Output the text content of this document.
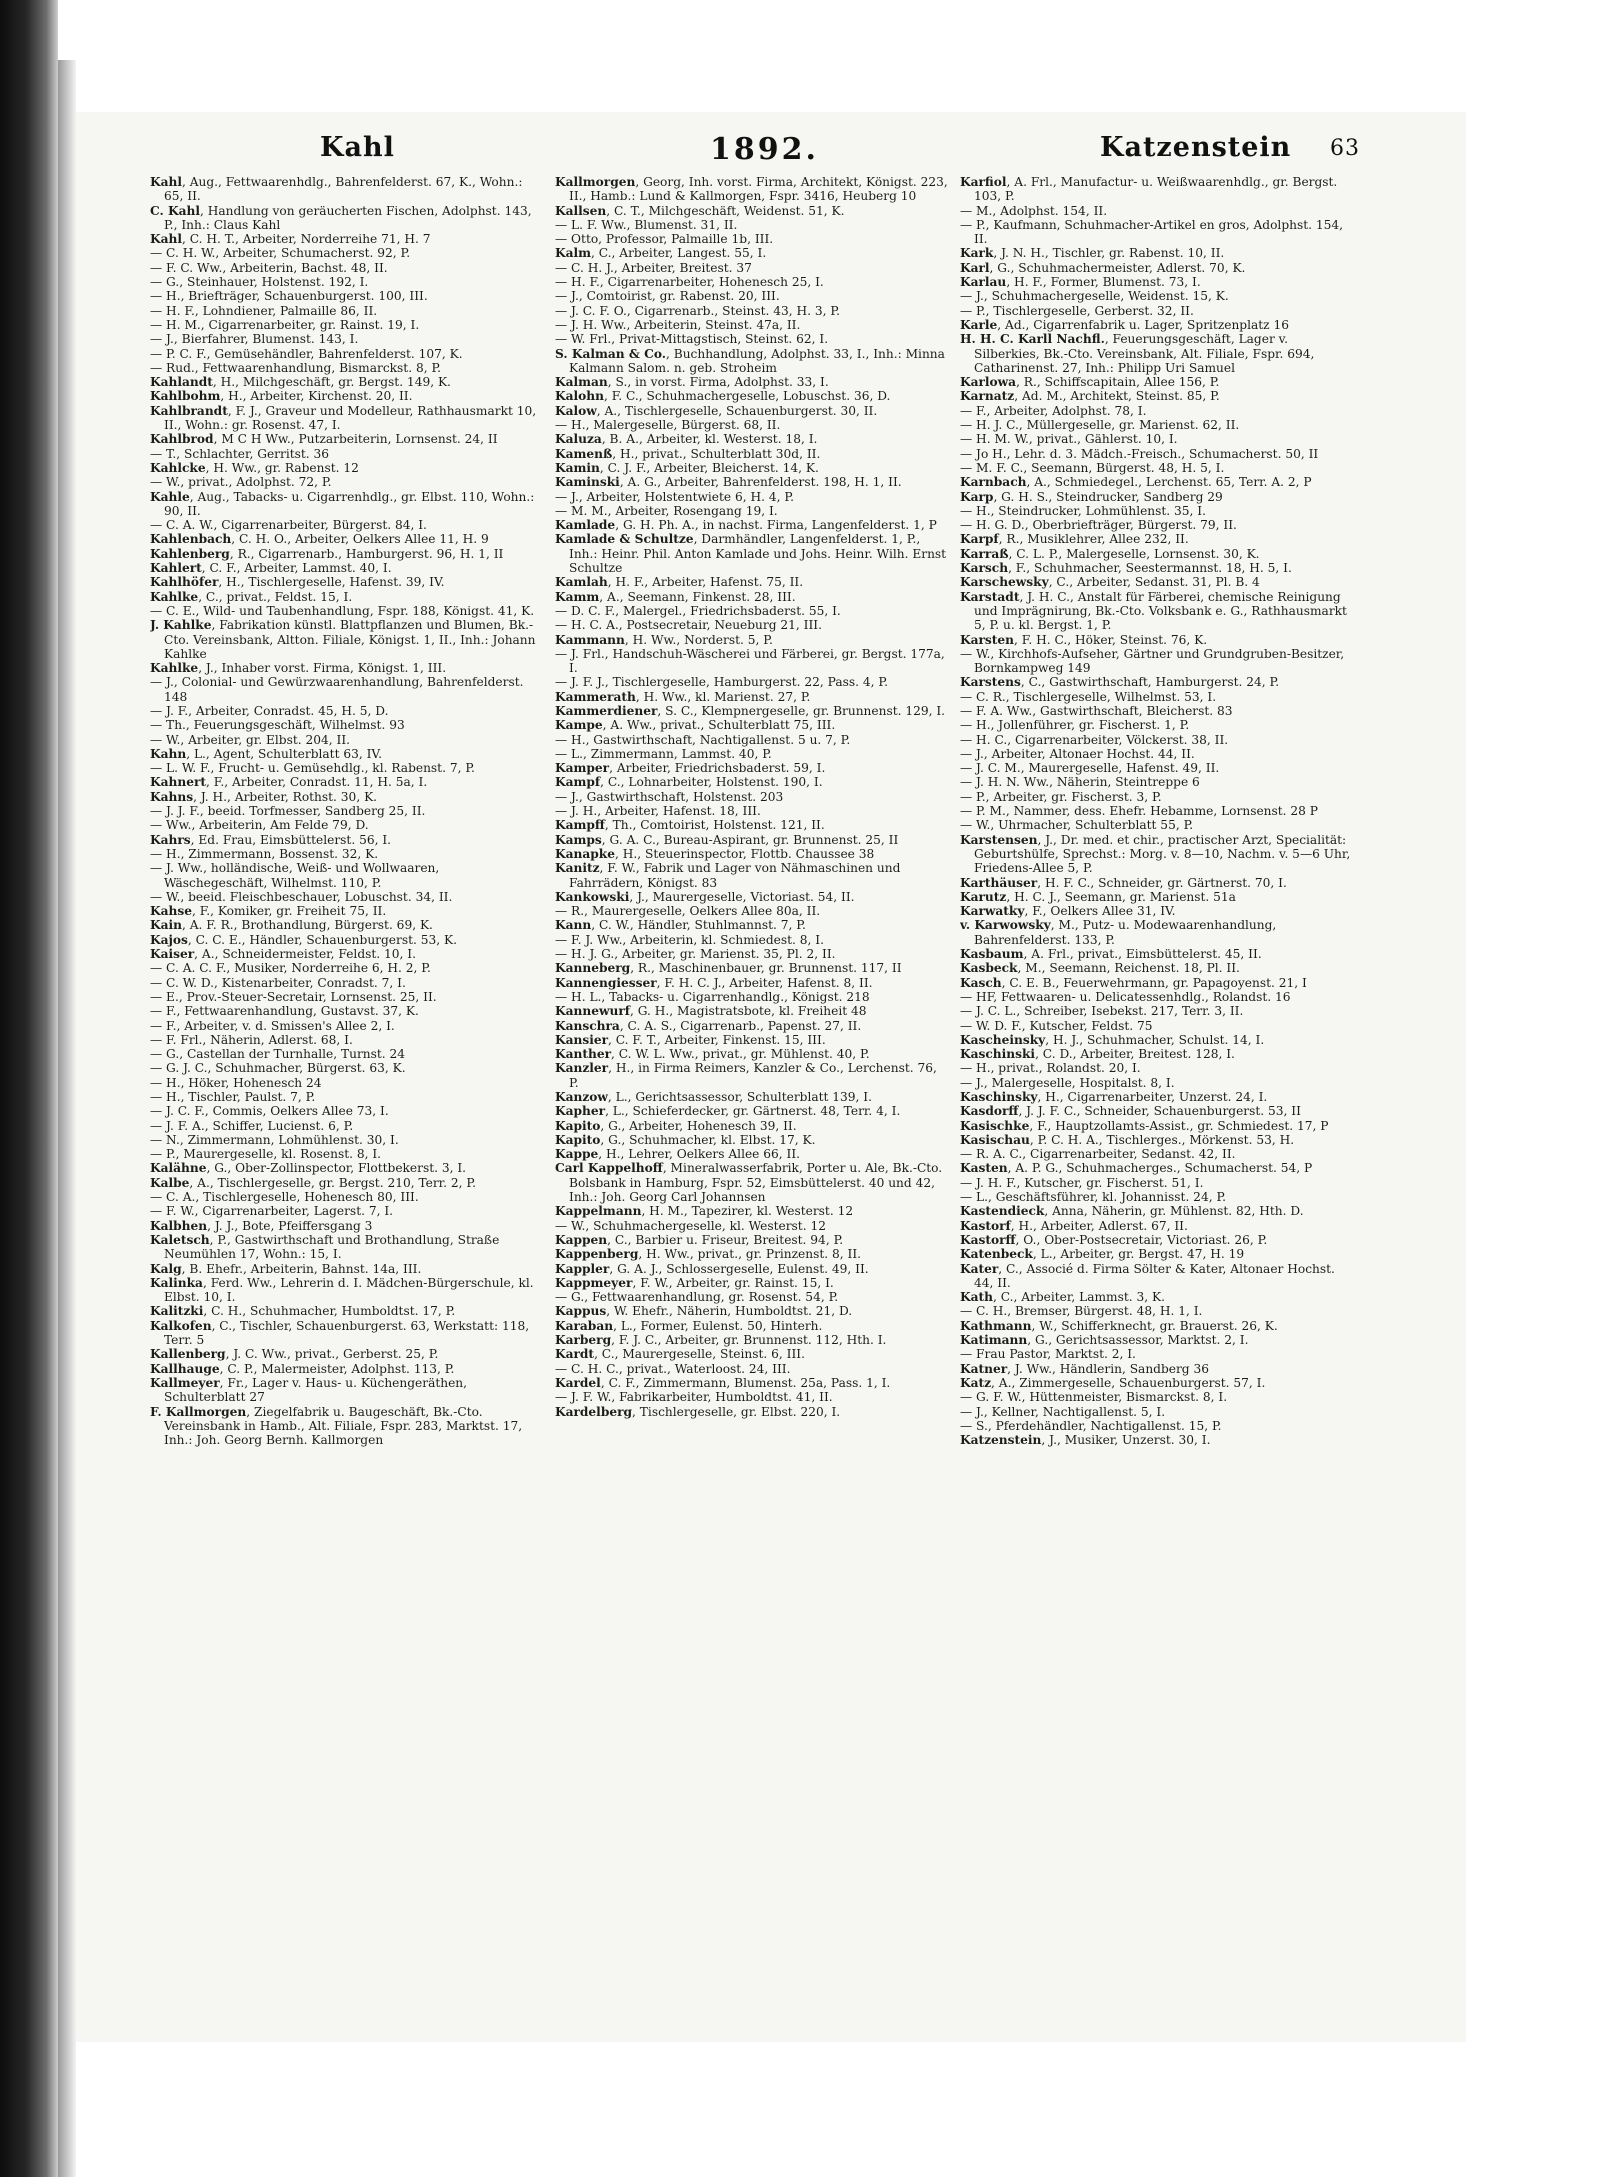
Kahl	1892.	Katzenstein 63
Kahl, Aug., Fettwaarenhdlg., Bahrenfelderst. 67, K., Wohn.: 65, II.
C. Kahl, Handlung von geräucherten Fischen, Adolphst. 143, P., Inh.: Claus Kahl
Kahl, C. H. T., Arbeiter, Norderreihe 71, H. 7
— C. H. W., Arbeiter, Schumacherst. 92, P.
— F. C. Ww., Arbeiterin, Bachst. 48, II.
— G., Steinhauer, Holstenst. 192, I.
— H., Briefträger, Schauenburgerst. 100, III.
— H. F., Lohndiener, Palmaille 86, II.
— H. M., Cigarrenarbeiter, gr. Rainst. 19, I.
— J., Bierfahrer, Blumenst. 143, I.
— P. C. F., Gemüsehändler, Bahrenfelderst. 107, K.
— Rud., Fettwaarenhandlung, Bismarckst. 8, P.
Kahlandt, H., Milchgeschäft, gr. Bergst. 149, K.
Kahlbohm, H., Arbeiter, Kirchenst. 20, II.
Kahlbrandt, F. J., Graveur und Modelleur, Rathhausmarkt 10, II., Wohn.: gr. Rosenst. 47, I.
Kahlbrod, M C H Ww., Putzarbeiterin, Lornsenst. 24, II
— T., Schlachter, Gerritst. 36
Kahlcke, H. Ww., gr. Rabenst. 12
— W., privat., Adolphst. 72, P.
Kahle, Aug., Tabacks- u. Cigarrenhdlg., gr. Elbst. 110, Wohn.: 90, II.
— C. A. W., Cigarrenarbeiter, Bürgerst. 84, I.
Kahlenbach, C. H. O., Arbeiter, Oelkers Allee 11, H. 9
Kahlenberg, R., Cigarrenarb., Hamburgerst. 96, H. 1, II
Kahlert, C. F., Arbeiter, Lammst. 40, I.
Kahlhöfer, H., Tischlergeselle, Hafenst. 39, IV.
Kahlke, C., privat., Feldst. 15, I.
— C. E., Wild- und Taubenhandlung, Fspr. 188, Königst. 41, K.
J. Kahlke, Fabrikation künstl. Blattpflanzen und Blumen, Bk.-Cto. Vereinsbank, Altton. Filiale, Königst. 1, II., Inh.: Johann Kahlke
Kahlke, J., Inhaber vorst. Firma, Königst. 1, III.
— J., Colonial- und Gewürzwaarenhandlung, Bahrenfelderst. 148
— J. F., Arbeiter, Conradst. 45, H. 5, D.
— Th., Feuerungsgeschäft, Wilhelmst. 93
— W., Arbeiter, gr. Elbst. 204, II.
Kahn, L., Agent, Schulterblatt 63, IV.
— L. W. F., Frucht- u. Gemüsehdlg., kl. Rabenst. 7, P.
Kahnert, F., Arbeiter, Conradst. 11, H. 5a, I.
Kahns, J. H., Arbeiter, Rothst. 30, K.
— J. J. F., beeid. Torfmesser, Sandberg 25, II.
— Ww., Arbeiterin, Am Felde 79, D.
Kahrs, Ed. Frau, Eimsbüttelerst. 56, I.
— H., Zimmermann, Bossenst. 32, K.
— J. Ww., holländische, Weiß- und Wollwaaren, Wäschegeschäft, Wilhelmst. 110, P.
— W., beeid. Fleischbeschauer, Lobuschst. 34, II.
Kahse, F., Komiker, gr. Freiheit 75, II.
Kain, A. F. R., Brothandlung, Bürgerst. 69, K.
Kajos, C. C. E., Händler, Schauenburgerst. 53, K.
Kaiser, A., Schneidermeister, Feldst. 10, I.
— C. A. C. F., Musiker, Norderreihe 6, H. 2, P.
— C. W. D., Kistenarbeiter, Conradst. 7, I.
— E., Prov.-Steuer-Secretair, Lornsenst. 25, II.
— F., Fettwaarenhandlung, Gustavst. 37, K.
— F., Arbeiter, v. d. Smissen's Allee 2, I.
— F. Frl., Näherin, Adlerst. 68, I.
— G., Castellan der Turnhalle, Turnst. 24
— G. J. C., Schuhmacher, Bürgerst. 63, K.
— H., Höker, Hohenesch 24
— H., Tischler, Paulst. 7, P.
— J. C. F., Commis, Oelkers Allee 73, I.
— J. F. A., Schiffer, Lucienst. 6, P.
— N., Zimmermann, Lohmühlenst. 30, I.
— P., Maurergeselle, kl. Rosenst. 8, I.
Kalähne, G., Ober-Zollinspector, Flottbekerst. 3, I.
Kalbe, A., Tischlergeselle, gr. Bergst. 210, Terr. 2, P.
— C. A., Tischlergeselle, Hohenesch 80, III.
— F. W., Cigarrenarbeiter, Lagerst. 7, I.
Kalbhen, J. J., Bote, Pfeiffersgang 3
Kaletsch, P., Gastwirthschaft und Brothandlung, Straße Neumühlen 17, Wohn.: 15, I.
Kalg, B. Ehefr., Arbeiterin, Bahnst. 14a, III.
Kalinka, Ferd. Ww., Lehrerin d. I. Mädchen-Bürgerschule, kl. Elbst. 10, I.
Kalitzki, C. H., Schuhmacher, Humboldtst. 17, P.
Kalkofen, C., Tischler, Schauenburgerst. 63, Werkstatt: 118, Terr. 5
Kallenberg, J. C. Ww., privat., Gerberst. 25, P.
Kallhauge, C. P., Malermeister, Adolphst. 113, P.
Kallmeyer, Fr., Lager v. Haus- u. Küchengeräthen, Schulterblatt 27
F. Kallmorgen, Ziegelfabrik u. Baugeschäft, Bk.-Cto. Vereinsbank in Hamb., Alt. Filiale, Fspr. 283, Marktst. 17, Inh.: Joh. Georg Bernh. Kallmorgen
Kallmorgen, Georg, Inh. vorst. Firma, Architekt, Königst. 223, II., Hamb.: Lund & Kallmorgen, Fspr. 3416, Heuberg 10
Kallsen, C. T., Milchgeschäft, Weidenst. 51, K.
— L. F. Ww., Blumenst. 31, II.
— Otto, Professor, Palmaille 1b, III.
Kalm, C., Arbeiter, Langest. 55, I.
— C. H. J., Arbeiter, Breitest. 37
— H. F., Cigarrenarbeiter, Hohenesch 25, I.
— J., Comtoirist, gr. Rabenst. 20, III.
— J. C. F. O., Cigarrenarb., Steinst. 43, H. 3, P.
— J. H. Ww., Arbeiterin, Steinst. 47a, II.
— W. Frl., Privat-Mittagstisch, Steinst. 62, I.
S. Kalman & Co., Buchhandlung, Adolphst. 33, I., Inh.: Minna Kalmann Salom. n. geb. Stroheim
Kalman, S., in vorst. Firma, Adolphst. 33, I.
Kalohn, F. C., Schuhmachergeselle, Lobuschst. 36, D.
Kalow, A., Tischlergeselle, Schauenburgerst. 30, II.
— H., Malergeselle, Bürgerst. 68, II.
Kaluza, B. A., Arbeiter, kl. Westerst. 18, I.
Kamenß, H., privat., Schulterblatt 30d, II.
Kamin, C. J. F., Arbeiter, Bleicherst. 14, K.
Kaminski, A. G., Arbeiter, Bahrenfelderst. 198, H. 1, II.
— J., Arbeiter, Holstentwiete 6, H. 4, P.
— M. M., Arbeiter, Rosengang 19, I.
Kamlade, G. H. Ph. A., in nachst. Firma, Langenfelderst. 1, P
Kamlade & Schultze, Darmhändler, Langenfelderst. 1, P., Inh.: Heinr. Phil. Anton Kamlade und Johs. Heinr. Wilh. Ernst Schultze
Kamlah, H. F., Arbeiter, Hafenst. 75, II.
Kamm, A., Seemann, Finkenst. 28, III.
— D. C. F., Malergel., Friedrichsbaderst. 55, I.
— H. C. A., Postsecretair, Neueburg 21, III.
Kammann, H. Ww., Norderst. 5, P.
— J. Frl., Handschuh-Wäscherei und Färberei, gr. Bergst. 177a, I.
— J. F. J., Tischlergeselle, Hamburgerst. 22, Pass. 4, P.
Kammerath, H. Ww., kl. Marienst. 27, P.
Kammerdiener, S. C., Klempnergeselle, gr. Brunnenst. 129, I.
Kampe, A. Ww., privat., Schulterblatt 75, III.
— H., Gastwirthschaft, Nachtigallenst. 5 u. 7, P.
— L., Zimmermann, Lammst. 40, P.
Kamper, Arbeiter, Friedrichsbaderst. 59, I.
Kampf, C., Lohnarbeiter, Holstenst. 190, I.
— J., Gastwirthschaft, Holstenst. 203
— J. H., Arbeiter, Hafenst. 18, III.
Kampff, Th., Comtoirist, Holstenst. 121, II.
Kamps, G. A. C., Bureau-Aspirant, gr. Brunnenst. 25, II
Kanapke, H., Steuerinspector, Flottb. Chaussee 38
Kanitz, F. W., Fabrik und Lager von Nähmaschinen und Fahrrädern, Königst. 83
Kankowski, J., Maurergeselle, Victoriast. 54, II.
— R., Maurergeselle, Oelkers Allee 80a, II.
Kann, C. W., Händler, Stuhlmannst. 7, P.
— F. J. Ww., Arbeiterin, kl. Schmiedest. 8, I.
— H. J. G., Arbeiter, gr. Marienst. 35, Pl. 2, II.
Kanneberg, R., Maschinenbauer, gr. Brunnenst. 117, II
Kannengiesser, F. H. C. J., Arbeiter, Hafenst. 8, II.
— H. L., Tabacks- u. Cigarrenhandlg., Königst. 218
Kannewurf, G. H., Magistratsbote, kl. Freiheit 48
Kanschra, C. A. S., Cigarrenarb., Papenst. 27, II.
Kansier, C. F. T., Arbeiter, Finkenst. 15, III.
Kanther, C. W. L. Ww., privat., gr. Mühlenst. 40, P.
Kanzler, H., in Firma Reimers, Kanzler & Co., Lerchenst. 76, P.
Kanzow, L., Gerichtsassessor, Schulterblatt 139, I.
Kapher, L., Schieferdecker, gr. Gärtnerst. 48, Terr. 4, I.
Kapito, G., Arbeiter, Hohenesch 39, II.
Kapito, G., Schuhmacher, kl. Elbst. 17, K.
Kappe, H., Lehrer, Oelkers Allee 66, II.
Carl Kappelhoff, Mineralwasserfabrik, Porter u. Ale, Bk.-Cto. Bolsbank in Hamburg, Fspr. 52, Eimsbüttelerst. 40 und 42, Inh.: Joh. Georg Carl Johannsen
Kappelmann, H. M., Tapezirer, kl. Westerst. 12
— W., Schuhmachergeselle, kl. Westerst. 12
Kappen, C., Barbier u. Friseur, Breitest. 94, P.
Kappenberg, H. Ww., privat., gr. Prinzenst. 8, II.
Kappler, G. A. J., Schlossergeselle, Eulenst. 49, II.
Kappmeyer, F. W., Arbeiter, gr. Rainst. 15, I.
— G., Fettwaarenhandlung, gr. Rosenst. 54, P.
Kappus, W. Ehefr., Näherin, Humboldtst. 21, D.
Karaban, L., Former, Eulenst. 50, Hinterh.
Karberg, F. J. C., Arbeiter, gr. Brunnenst. 112, Hth. I.
Kardt, C., Maurergeselle, Steinst. 6, III.
— C. H. C., privat., Waterloost. 24, III.
Kardel, C. F., Zimmermann, Blumenst. 25a, Pass. 1, I.
— J. F. W., Fabrikarbeiter, Humboldtst. 41, II.
Kardelberg, Tischlergeselle, gr. Elbst. 220, I.
Karfiol, A. Frl., Manufactur- u. Weißwaarenhdlg., gr. Bergst. 103, P.
— M., Adolphst. 154, II.
— P., Kaufmann, Schuhmacher-Artikel en gros, Adolphst. 154, II.
Kark, J. N. H., Tischler, gr. Rabenst. 10, II.
Karl, G., Schuhmachermeister, Adlerst. 70, K.
Karlau, H. F., Former, Blumenst. 73, I.
— J., Schuhmachergeselle, Weidenst. 15, K.
— P., Tischlergeselle, Gerberst. 32, II.
Karle, Ad., Cigarrenfabrik u. Lager, Spritzenplatz 16
H. H. C. Karll Nachfl., Feuerungsgeschäft, Lager v. Silberkies, Bk.-Cto. Vereinsbank, Alt. Filiale, Fspr. 694, Catharinenst. 27, Inh.: Philipp Uri Samuel
Karlowa, R., Schiffscapitain, Allee 156, P.
Karnatz, Ad. M., Architekt, Steinst. 85, P.
— F., Arbeiter, Adolphst. 78, I.
— H. J. C., Müllergeselle, gr. Marienst. 62, II.
— H. M. W., privat., Gählerst. 10, I.
— Jo H., Lehr. d. 3. Mädch.-Freisch., Schumacherst. 50, II
— M. F. C., Seemann, Bürgerst. 48, H. 5, I.
Karnbach, A., Schmiedegel., Lerchenst. 65, Terr. A. 2, P
Karp, G. H. S., Steindrucker, Sandberg 29
— H., Steindrucker, Lohmühlenst. 35, I.
— H. G. D., Oberbriefträger, Bürgerst. 79, II.
Karpf, R., Musiklehrer, Allee 232, II.
Karraß, C. L. P., Malergeselle, Lornsenst. 30, K.
Karsch, F., Schuhmacher, Seestermannst. 18, H. 5, I.
Karschewsky, C., Arbeiter, Sedanst. 31, Pl. B. 4
Karstadt, J. H. C., Anstalt für Färberei, chemische Reinigung und Imprägnirung, Bk.-Cto. Volksbank e. G., Rathhausmarkt 5, P. u. kl. Bergst. 1, P.
Karsten, F. H. C., Höker, Steinst. 76, K.
— W., Kirchhofs-Aufseher, Gärtner und Grundgruben-Besitzer, Bornkampweg 149
Karstens, C., Gastwirthschaft, Hamburgerst. 24, P.
— C. R., Tischlergeselle, Wilhelmst. 53, I.
— F. A. Ww., Gastwirthschaft, Bleicherst. 83
— H., Jollenführer, gr. Fischerst. 1, P.
— H. C., Cigarrenarbeiter, Völckerst. 38, II.
— J., Arbeiter, Altonaer Hochst. 44, II.
— J. C. M., Maurergeselle, Hafenst. 49, II.
— J. H. N. Ww., Näherin, Steintreppe 6
— P., Arbeiter, gr. Fischerst. 3, P.
— P. M., Nammer, dess. Ehefr. Hebamme, Lornsenst. 28 P
— W., Uhrmacher, Schulterblatt 55, P.
Karstensen, J., Dr. med. et chir., practischer Arzt, Specialität: Geburtshülfe, Sprechst.: Morg. v. 8—10, Nachm. v. 5—6 Uhr, Friedens-Allee 5, P.
Karthäuser, H. F. C., Schneider, gr. Gärtnerst. 70, I.
Karutz, H. C. J., Seemann, gr. Marienst. 51a
Karwatky, F., Oelkers Allee 31, IV.
v. Karwowsky, M., Putz- u. Modewaarenhandlung, Bahrenfelderst. 133, P.
Kasbaum, A. Frl., privat., Eimsbüttelerst. 45, II.
Kasbeck, M., Seemann, Reichenst. 18, Pl. II.
Kasch, C. E. B., Feuerwehrmann, gr. Papagoyenst. 21, I
— HF, Fettwaaren- u. Delicatessenhdlg., Rolandst. 16
— J. C. L., Schreiber, Isebekst. 217, Terr. 3, II.
— W. D. F., Kutscher, Feldst. 75
Kascheinsky, H. J., Schuhmacher, Schulst. 14, I.
Kaschinski, C. D., Arbeiter, Breitest. 128, I.
— H., privat., Rolandst. 20, I.
— J., Malergeselle, Hospitalst. 8, I.
Kaschinsky, H., Cigarrenarbeiter, Unzerst. 24, I.
Kasdorff, J. J. F. C., Schneider, Schauenburgerst. 53, II
Kasischke, F., Hauptzollamts-Assist., gr. Schmiedest. 17, P
Kasischau, P. C. H. A., Tischlerges., Mörkenst. 53, H.
— R. A. C., Cigarrenarbeiter, Sedanst. 42, II.
Kasten, A. P. G., Schuhmacherges., Schumacherst. 54, P
— J. H. F., Kutscher, gr. Fischerst. 51, I.
— L., Geschäftsführer, kl. Johannisst. 24, P.
Kastendieck, Anna, Näherin, gr. Mühlenst. 82, Hth. D.
Kastorf, H., Arbeiter, Adlerst. 67, II.
Kastorff, O., Ober-Postsecretair, Victoriast. 26, P.
Katenbeck, L., Arbeiter, gr. Bergst. 47, H. 19
Kater, C., Associé d. Firma Sölter & Kater, Altonaer Hochst. 44, II.
Kath, C., Arbeiter, Lammst. 3, K.
— C. H., Bremser, Bürgerst. 48, H. 1, I.
Kathmann, W., Schifferknecht, gr. Brauerst. 26, K.
Katimann, G., Gerichtsassessor, Marktst. 2, I.
— Frau Pastor, Marktst. 2, I.
Katner, J. Ww., Händlerin, Sandberg 36
Katz, A., Zimmergeselle, Schauenburgerst. 57, I.
— G. F. W., Hüttenmeister, Bismarckst. 8, I.
— J., Kellner, Nachtigallenst. 5, I.
— S., Pferdehändler, Nachtigallenst. 15, P.
Katzenstein, J., Musiker, Unzerst. 30, I.
